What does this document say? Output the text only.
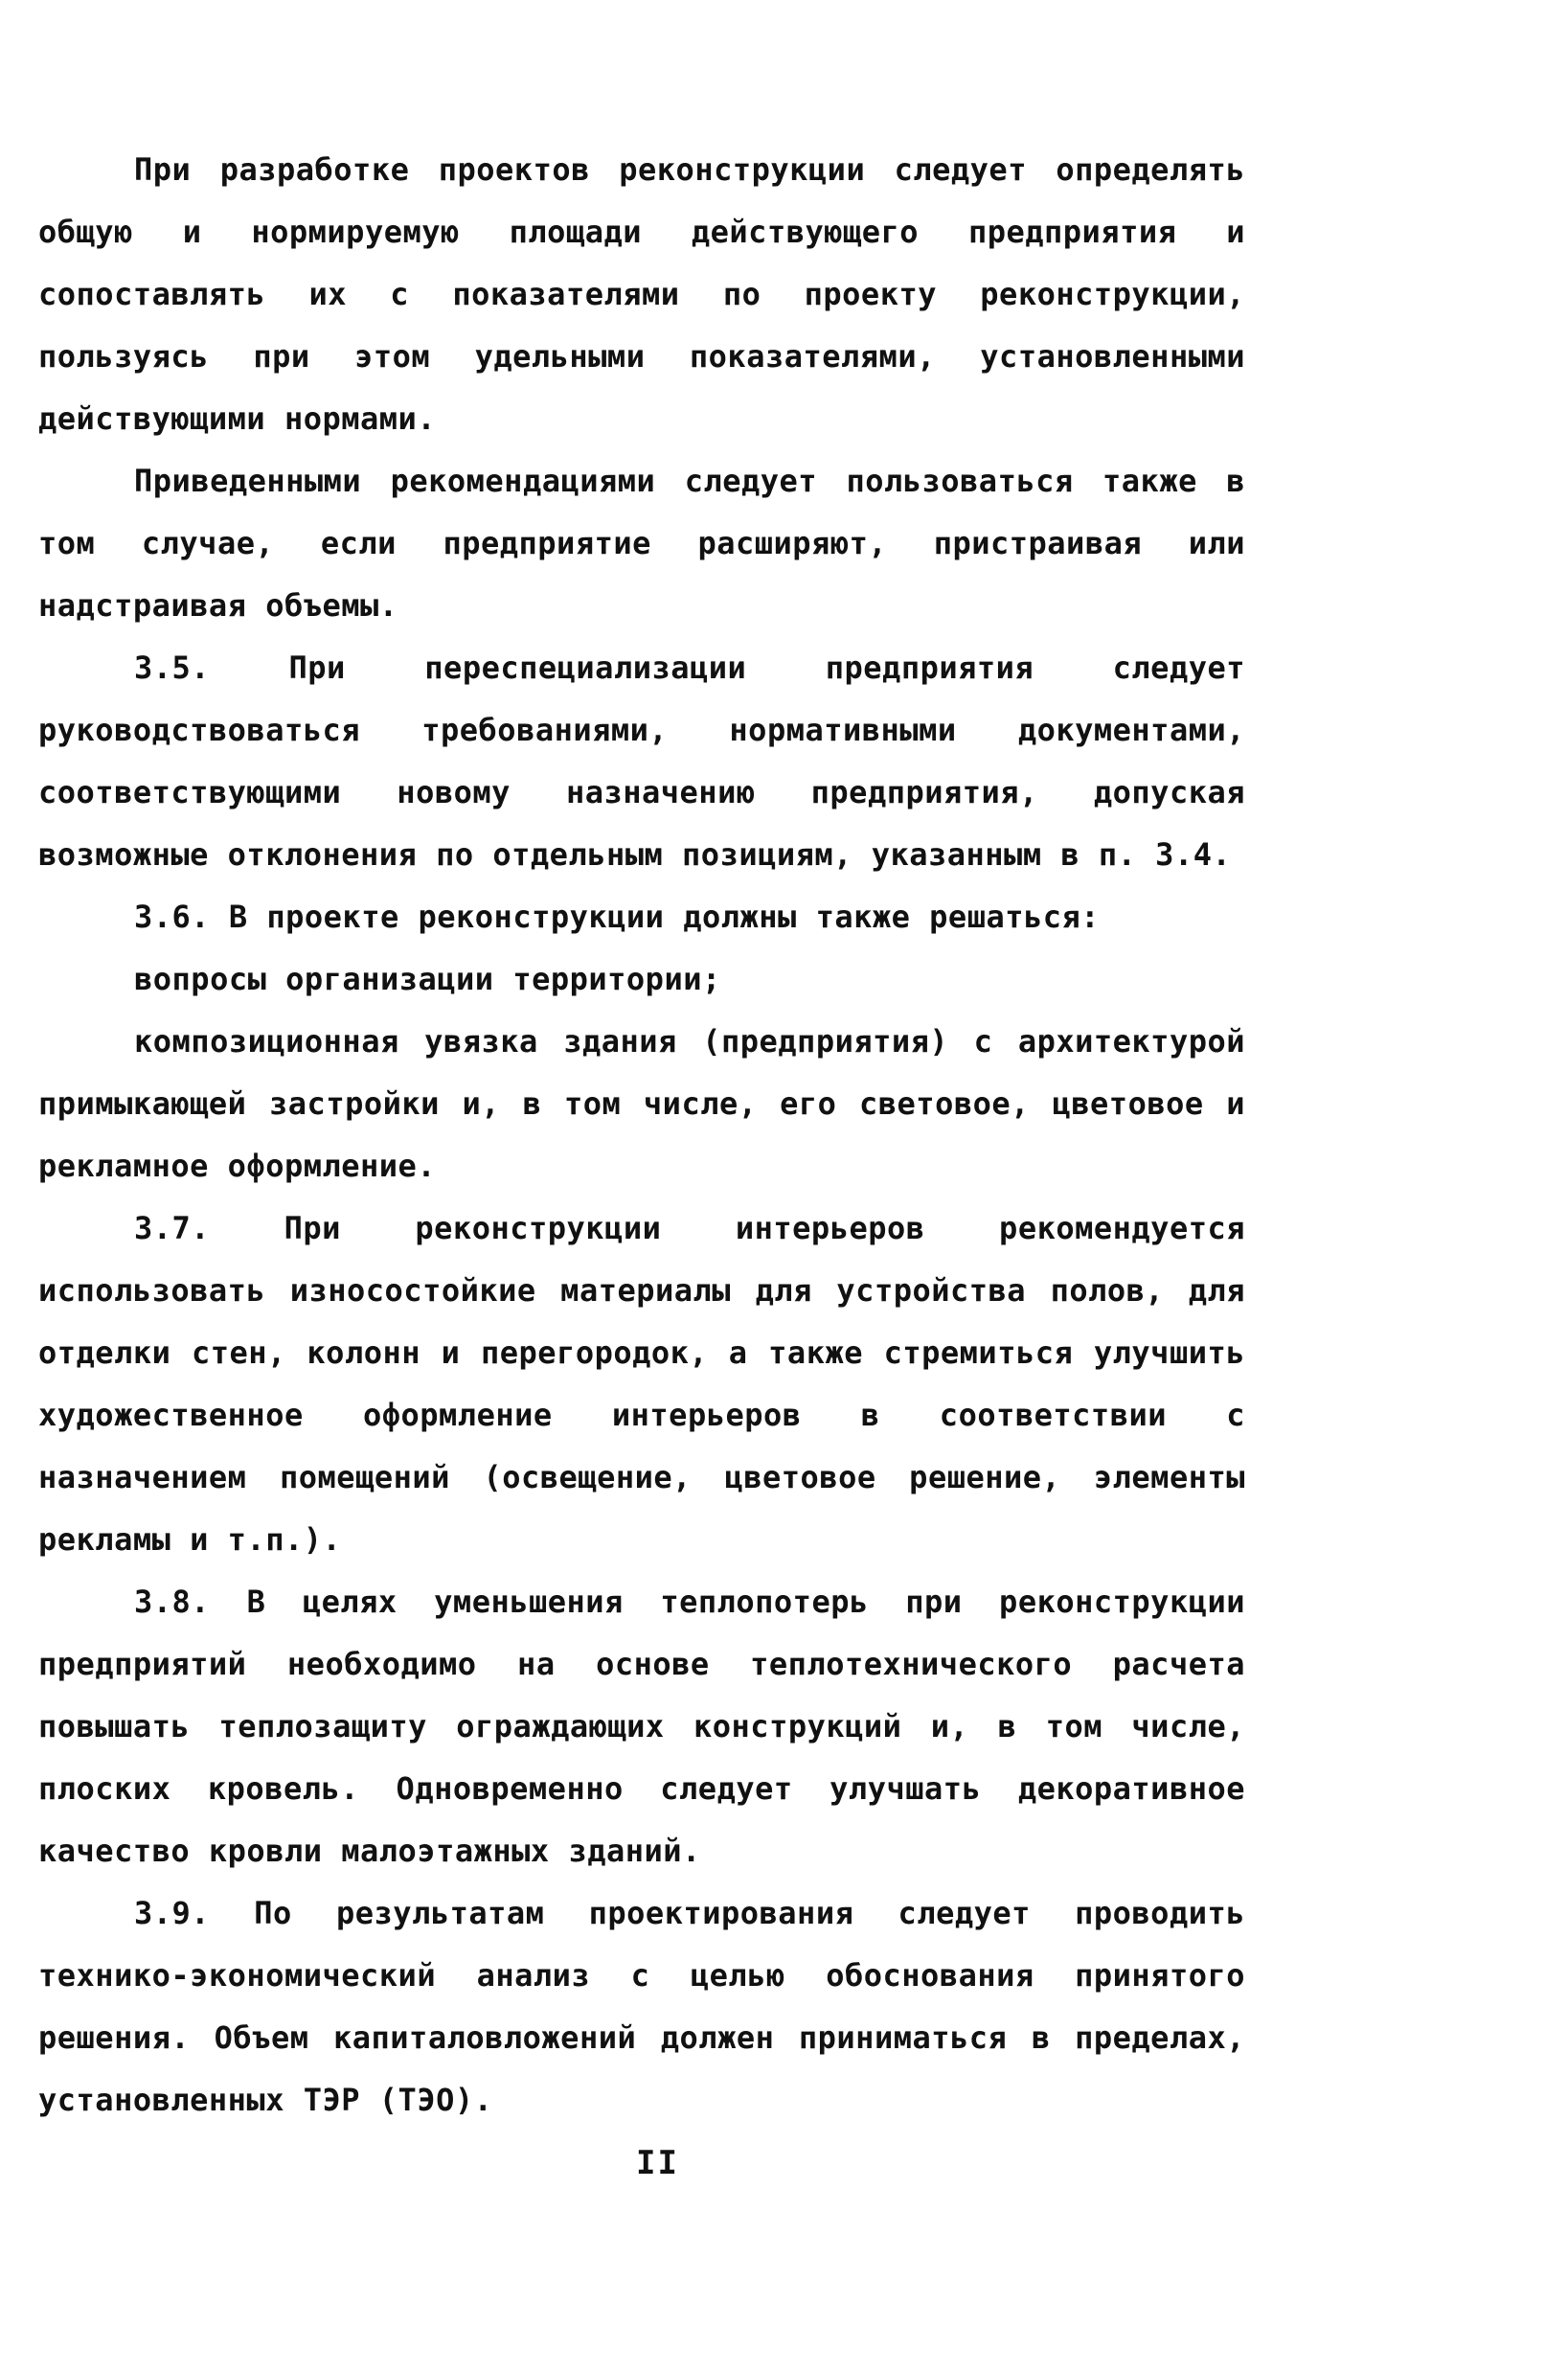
При разработке проектов реконструкции следует определять общую и нормируемую площади действующего предприятия и сопоставлять их с показателями по проекту реконструкции, пользуясь при этом удельными показателями, установленными действующими нормами.

Приведенными рекомендациями следует пользоваться также в том случае, если предприятие расширяют, пристраивая или надстраивая объемы.

3.5. При переспециализации предприятия следует руководствоваться требованиями, нормативными документами, соответствующими новому назначению предприятия, допуская возможные отклонения по отдельным позициям, указанным в п. 3.4.

3.6. В проекте реконструкции должны также решаться:

вопросы организации территории;

композиционная увязка здания (предприятия) с архитектурой примыкающей застройки и, в том числе, его световое, цветовое и рекламное оформление.

3.7. При реконструкции интерьеров рекомендуется использовать износостойкие материалы для устройства полов, для отделки стен, колонн и перегородок, а также стремиться улучшить художественное оформление интерьеров в соответствии с назначением помещений (освещение, цветовое решение, элементы рекламы и т.п.).

3.8. В целях уменьшения теплопотерь при реконструкции предприятий необходимо на основе теплотехнического расчета повышать теплозащиту ограждающих конструкций и, в том числе, плоских кровель. Одновременно следует улучшать декоративное качество кровли малоэтажных зданий.

3.9. По результатам проектирования следует проводить технико-экономический анализ с целью обоснования принятого решения. Объем капиталовложений должен приниматься в пределах, установленных ТЭР (ТЭО).

II
